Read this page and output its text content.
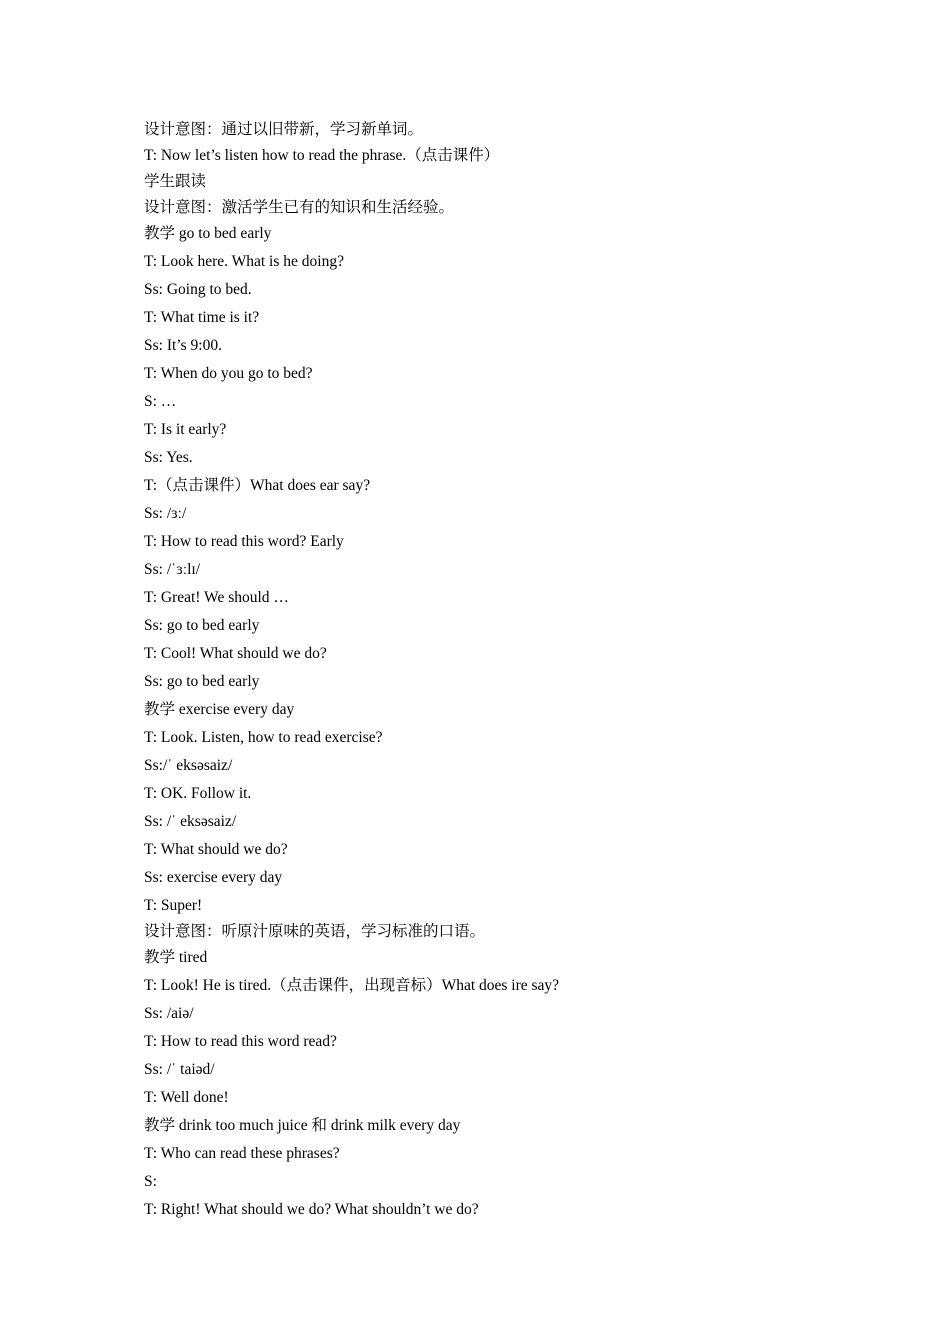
设计意图：通过以旧带新，学习新单词。
T: Now let’s listen how to read the phrase.（点击课件）
学生跟读
设计意图：激活学生已有的知识和生活经验。
教学 go to bed early
T: Look here. What is he doing?
Ss: Going to bed.
T: What time is it?
Ss: It’s 9:00.
T: When do you go to bed?
S: …
T: Is it early?
Ss: Yes.
T:（点击课件）What does ear say?
Ss: /ɜː/
T: How to read this word? Early
Ss: /ˈɜːlɪ/
T: Great! We should …
Ss: go to bed early
T: Cool! What should we do?
Ss: go to bed early
教学 exercise every day
T: Look. Listen, how to read exercise?
Ss:/ˈ eksəsaiz/
T: OK. Follow it.
Ss: /ˈ eksəsaiz/
T: What should we do?
Ss: exercise every day
T: Super!
设计意图：听原汁原味的英语，学习标准的口语。
教学 tired
T: Look! He is tired.（点击课件，出现音标）What does ire say?
Ss: /aiə/
T: How to read this word read?
Ss: /ˈ taiəd/
T: Well done!
教学 drink too much juice 和 drink milk every day
T: Who can read these phrases?
S:
T: Right! What should we do? What shouldn’t we do?
